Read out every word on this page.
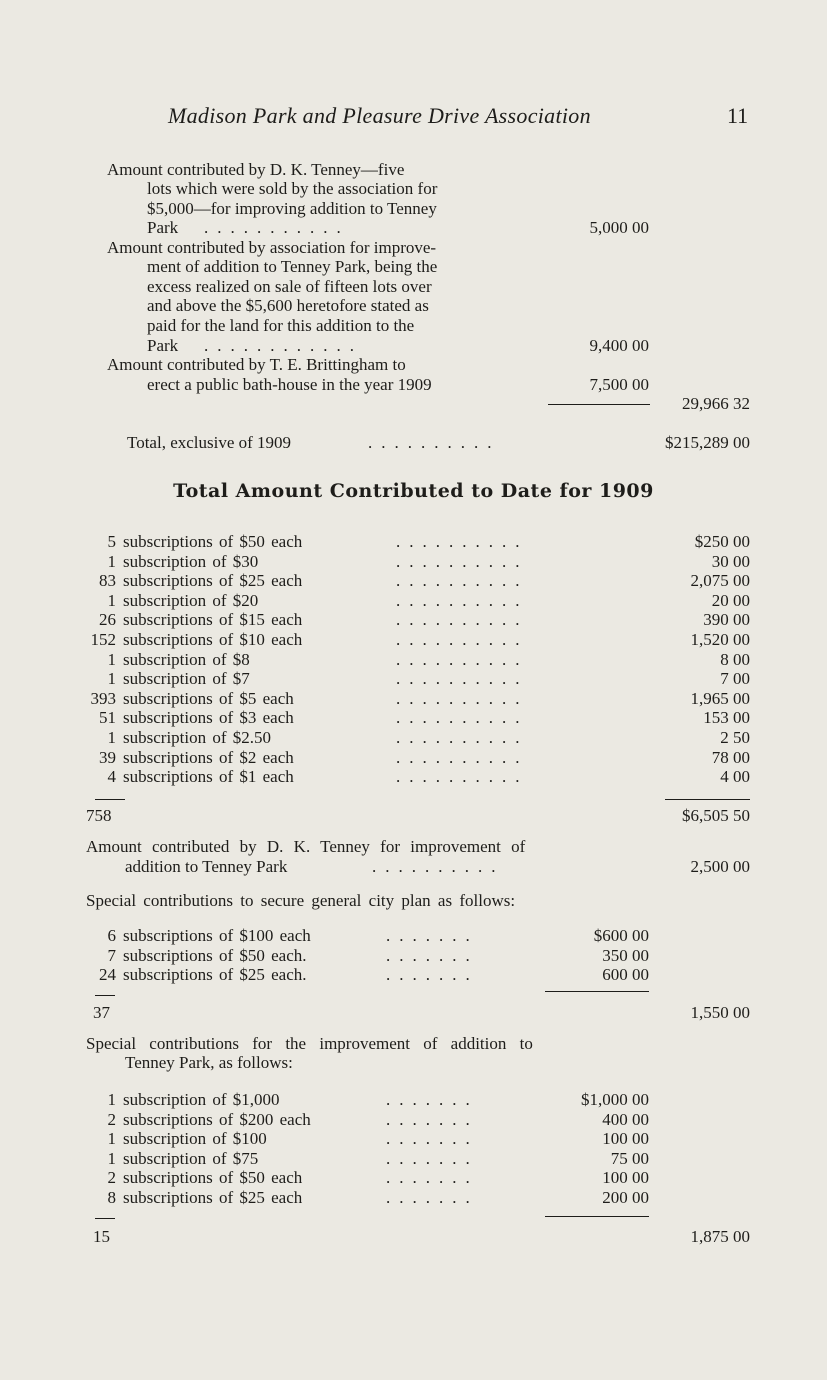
Madison Park and Pleasure Drive Association	11
Amount contributed by D. K. Tenney—five
lots which were sold by the association for
$5,000—for improving addition to Tenney
Park ...........	5,000 00
Amount contributed by association for improve-
ment of addition to Tenney Park, being the
excess realized on sale of fifteen lots over
and above the $5,600 heretofore stated as
paid for the land for this addition to the
Park ............	9,400 00
Amount contributed by T. E. Brittingham to
erect a public bath-house in the year 1909	7,500 00
29,966 32
Total, exclusive of 1909	..........	$215,289 00
Total Amount Contributed to Date for 1909
5 subscriptions of $50 each	..........	$250 00
1 subscription of $30	..........	30 00
83 subscriptions of $25 each	..........	2,075 00
1 subscription of $20	..........	20 00
26 subscriptions of $15 each	..........	390 00
152 subscriptions of $10 each	..........	1,520 00
1 subscription of $8	..........	8 00
1 subscription of $7	..........	7 00
393 subscriptions of $5 each	..........	1,965 00
51 subscriptions of $3 each	..........	153 00
1 subscription of $2.50	..........	2 50
39 subscriptions of $2 each	..........	78 00
4 subscriptions of $1 each	..........	4 00
758	$6,505 50
Amount contributed by D. K. Tenney for improvement of
addition to Tenney Park	..........	2,500 00
Special contributions to secure general city plan as follows:
6 subscriptions of $100 each	.......	$600 00
7 subscriptions of $50 each.	.......	350 00
24 subscriptions of $25 each.	.......	600 00
37	1,550 00
Special contributions for the improvement of addition to
Tenney Park, as follows:
1 subscription of $1,000	.......	$1,000 00
2 subscriptions of $200 each	.......	400 00
1 subscription of $100	.......	100 00
1 subscription of $75	.......	75 00
2 subscriptions of $50 each	.......	100 00
8 subscriptions of $25 each	.......	200 00
15	1,875 00
